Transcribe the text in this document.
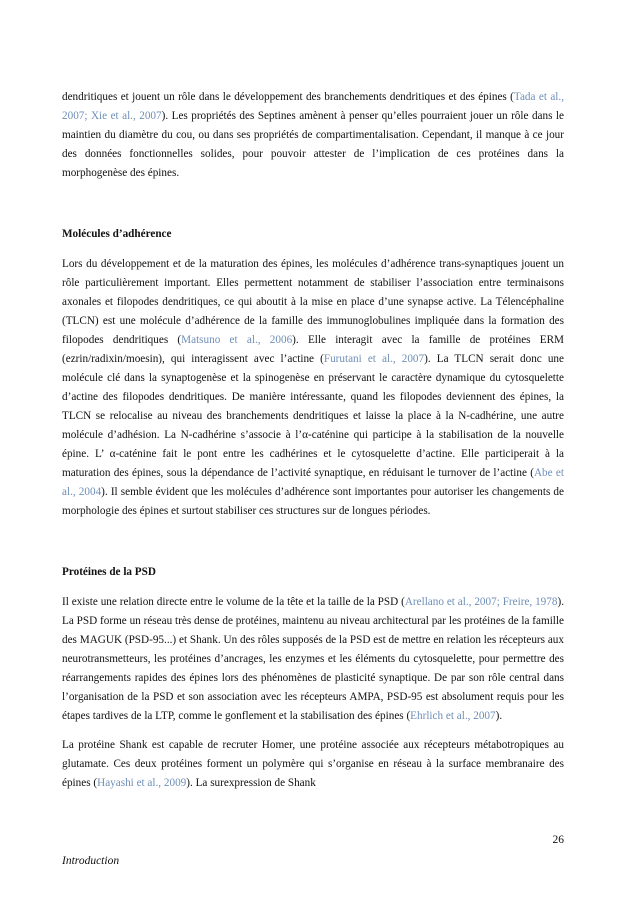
dendritiques et jouent un rôle dans le développement des branchements dendritiques et des épines (Tada et al., 2007; Xie et al., 2007). Les propriétés des Septines amènent à penser qu’elles pourraient jouer un rôle dans le maintien du diamètre du cou, ou dans ses propriétés de compartimentalisation. Cependant, il manque à ce jour des données fonctionnelles solides, pour pouvoir attester de l’implication de ces protéines dans la morphogenèse des épines.

Molécules d’adhérence

Lors du développement et de la maturation des épines, les molécules d’adhérence trans-synaptiques jouent un rôle particulièrement important. Elles permettent notamment de stabiliser l’association entre terminaisons axonales et filopodes dendritiques, ce qui aboutit à la mise en place d’une synapse active. La Télencéphaline (TLCN) est une molécule d’adhérence de la famille des immunoglobulines impliquée dans la formation des filopodes dendritiques (Matsuno et al., 2006). Elle interagit avec la famille de protéines ERM (ezrin/radixin/moesin), qui interagissent avec l’actine (Furutani et al., 2007). La TLCN serait donc une molécule clé dans la synaptogenèse et la spinogenèse en préservant le caractère dynamique du cytosquelette d’actine des filopodes dendritiques. De manière intéressante, quand les filopodes deviennent des épines, la TLCN se relocalise au niveau des branchements dendritiques et laisse la place à la N-cadhérine, une autre molécule d’adhésion. La N-cadhérine s’associe à l’α-caténine qui participe à la stabilisation de la nouvelle épine. L’ α-caténine fait le pont entre les cadhérines et le cytosquelette d’actine. Elle participerait à la maturation des épines, sous la dépendance de l’activité synaptique, en réduisant le turnover de l’actine (Abe et al., 2004). Il semble évident que les molécules d’adhérence sont importantes pour autoriser les changements de morphologie des épines et surtout stabiliser ces structures sur de longues périodes.

Protéines de la PSD

Il existe une relation directe entre le volume de la tête et la taille de la PSD (Arellano et al., 2007; Freire, 1978). La PSD forme un réseau très dense de protéines, maintenu au niveau architectural par les protéines de la famille des MAGUK (PSD-95...) et Shank. Un des rôles supposés de la PSD est de mettre en relation les récepteurs aux neurotransmetteurs, les protéines d’ancrages, les enzymes et les éléments du cytosquelette, pour permettre des réarrangements rapides des épines lors des phénomènes de plasticité synaptique. De par son rôle central dans l’organisation de la PSD et son association avec les récepteurs AMPA, PSD-95 est absolument requis pour les étapes tardives de la LTP, comme le gonflement et la stabilisation des épines (Ehrlich et al., 2007).

La protéine Shank est capable de recruter Homer, une protéine associée aux récepteurs métabotropiques au glutamate. Ces deux protéines forment un polymère qui s’organise en réseau à la surface membranaire des épines (Hayashi et al., 2009). La surexpression de Shank

26
Introduction
